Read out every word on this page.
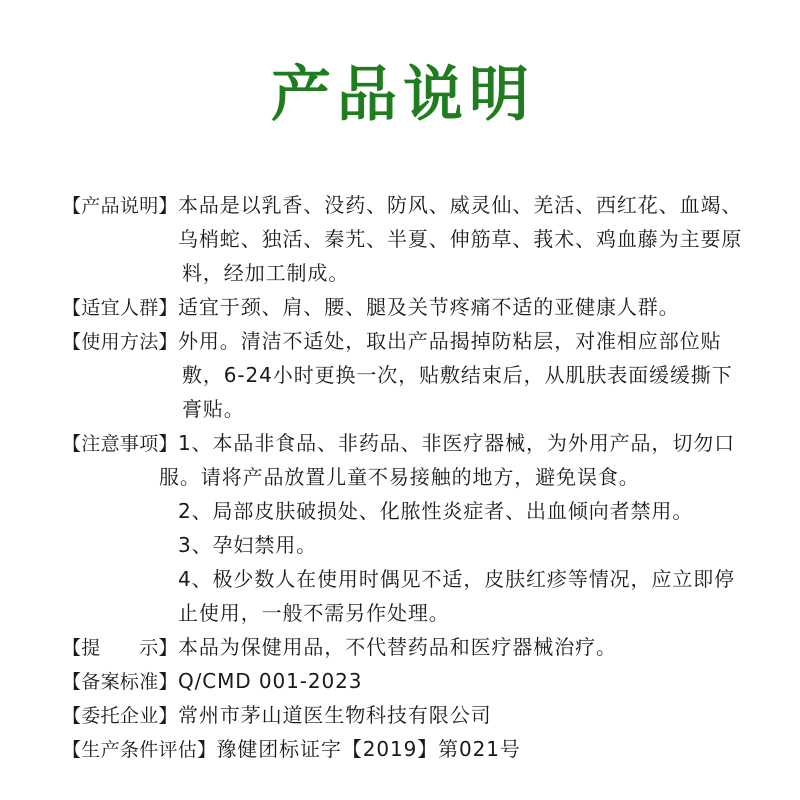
产品说明
【产品说明】本品是以乳香、没药、防风、威灵仙、羌活、西红花、血竭、
乌梢蛇、独活、秦艽、半夏、伸筋草、莪术、鸡血藤为主要原
料，经加工制成。
【适宜人群】适宜于颈、肩、腰、腿及关节疼痛不适的亚健康人群。
【使用方法】外用。清洁不适处，取出产品揭掉防粘层，对准相应部位贴
敷，6-24小时更换一次，贴敷结束后，从肌肤表面缓缓撕下
膏贴。
【注意事项】1、本品非食品、非药品、非医疗器械，为外用产品，切勿口
服。请将产品放置儿童不易接触的地方，避免误食。
2、局部皮肤破损处、化脓性炎症者、出血倾向者禁用。
3、孕妇禁用。
4、极少数人在使用时偶见不适，皮肤红疹等情况，应立即停
止使用，一般不需另作处理。
【提　　示】本品为保健用品，不代替药品和医疗器械治疗。
【备案标准】Q/CMD 001-2023
【委托企业】常州市茅山道医生物科技有限公司
【生产条件评估】豫健团标证字【2019】第021号
